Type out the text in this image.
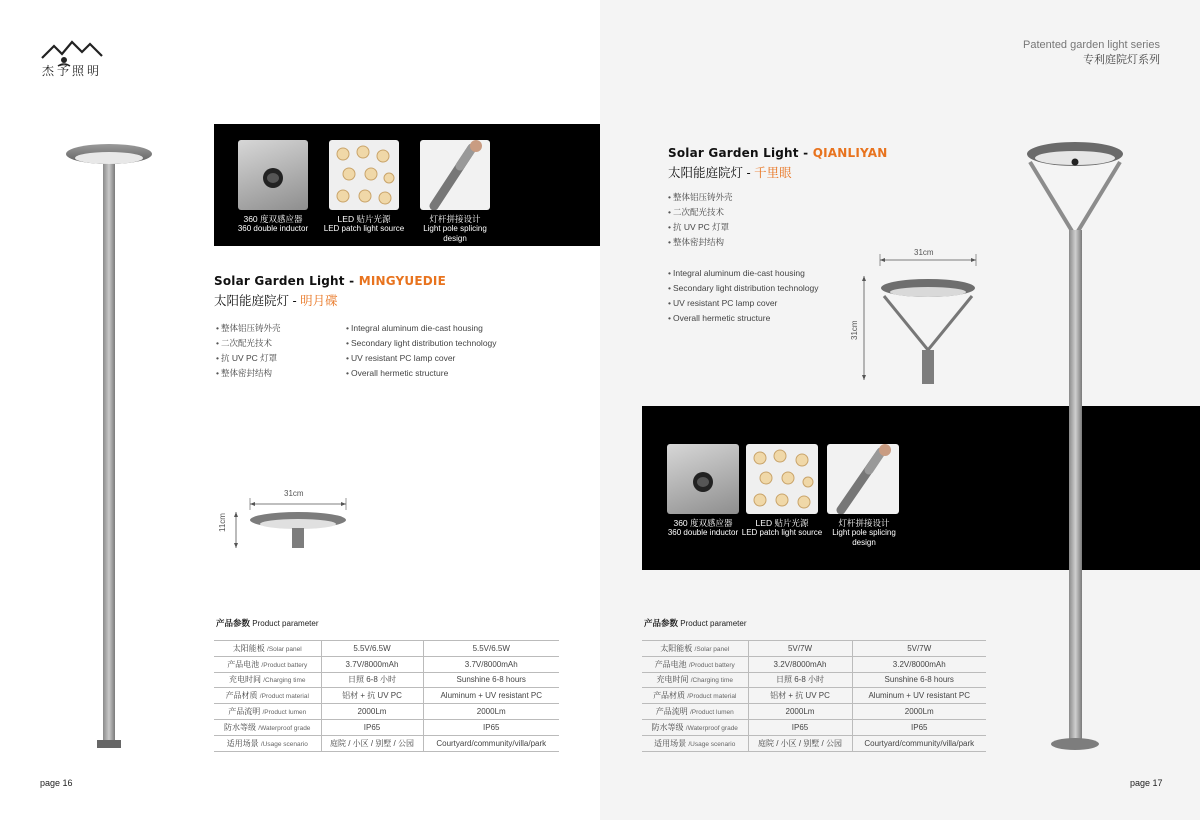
杰予照明
360 度双感应器
360 double inductor
LED 贴片光源
LED patch light source
灯杆拼接设计
Light pole splicing design
Solar Garden Light - MINGYUEDIE
太阳能庭院灯 - 明月碟
• 整体铝压铸外壳
• 二次配光技术
• 抗 UV PC 灯罩
• 整体密封结构
• Integral aluminum die-cast housing
• Secondary light distribution technology
• UV resistant PC lamp cover
• Overall hermetic structure
31cm
11cm
产品参数 Product parameter
太阳能板 /Solar panel	5.5V/6.5W	5.5V/6.5W
产品电池 /Product battery	3.7V/8000mAh	3.7V/8000mAh
充电时间 /Charging time	日照 6-8 小时	Sunshine 6-8 hours
产品材质 /Product material	铝材 + 抗 UV PC	Aluminum + UV resistant PC
产品流明 /Product lumen	2000Lm	2000Lm
防水等级 /Waterproof grade	IP65	IP65
适用场景 /Usage scenario	庭院 / 小区 / 别墅 / 公园	Courtyard/community/villa/park
page 16
Patented garden light series
专利庭院灯系列
Solar Garden Light - QIANLIYAN
太阳能庭院灯 - 千里眼
• 整体铝压铸外壳
• 二次配光技术
• 抗 UV PC 灯罩
• 整体密封结构
• Integral aluminum die-cast housing
• Secondary light distribution technology
• UV resistant PC lamp cover
• Overall hermetic structure
31cm
31cm
360 度双感应器
360 double inductor
LED 贴片光源
LED patch light source
灯杆拼接设计
Light pole splicing design
产品参数 Product parameter
太阳能板 /Solar panel	5V/7W	5V/7W
产品电池 /Product battery	3.2V/8000mAh	3.2V/8000mAh
充电时间 /Charging time	日照 6-8 小时	Sunshine 6-8 hours
产品材质 /Product material	铝材 + 抗 UV PC	Aluminum + UV resistant PC
产品流明 /Product lumen	2000Lm	2000Lm
防水等级 /Waterproof grade	IP65	IP65
适用场景 /Usage scenario	庭院 / 小区 / 别墅 / 公园	Courtyard/community/villa/park
page 17
